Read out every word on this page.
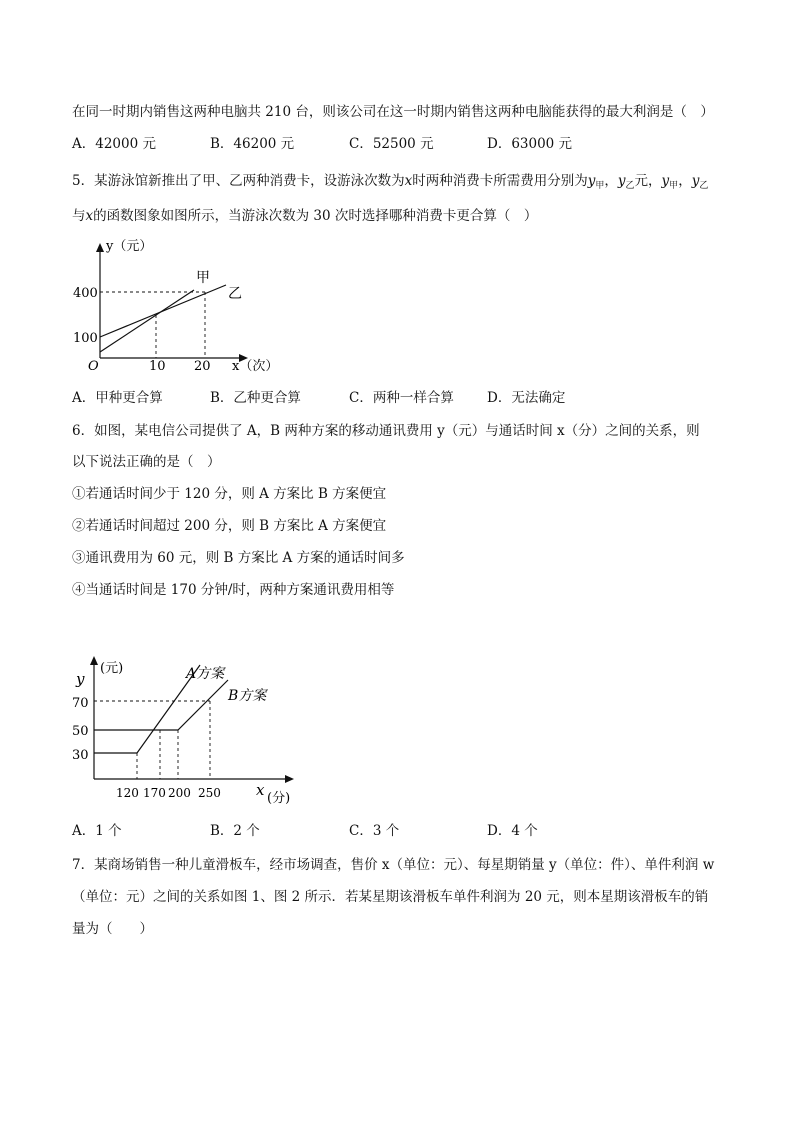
在同一时期内销售这两种电脑共 210 台，则该公司在这一时期内销售这两种电脑能获得的最大利润是（　）
A．42000 元	B．46200 元	C．52500 元	D．63000 元
5．某游泳馆新推出了甲、乙两种消费卡，设游泳次数为x时两种消费卡所需费用分别为$y_甲$，$y_乙$元，$y_甲$，$y_乙$
与x的函数图象如图所示，当游泳次数为 30 次时选择哪种消费卡更合算（　）
y（元）
甲
乙
400
100
O	10 20 x（次）
A．甲种更合算	B．乙种更合算	C．两种一样合算 D．无法确定
6．如图，某电信公司提供了 A，B 两种方案的移动通讯费用 y（元）与通话时间 x（分）之间的关系，则
以下说法正确的是（　）
①若通话时间少于 120 分，则 A 方案比 B 方案便宜
②若通话时间超过 200 分，则 B 方案比 A 方案便宜
③通讯费用为 60 元，则 B 方案比 A 方案的通话时间多
④当通话时间是 170 分钟/时，两种方案通讯费用相等
y
(元)	A方案
B方案
70
50
30
120 170 200 250 x (分)
A．1 个	B．2 个	C．3 个	D．4 个
7．某商场销售一种儿童滑板车，经市场调查，售价 x（单位：元）、每星期销量 y（单位：件）、单件利润 w
（单位：元）之间的关系如图 1、图 2 所示．若某星期该滑板车单件利润为 20 元，则本星期该滑板车的销
量为（　　）
